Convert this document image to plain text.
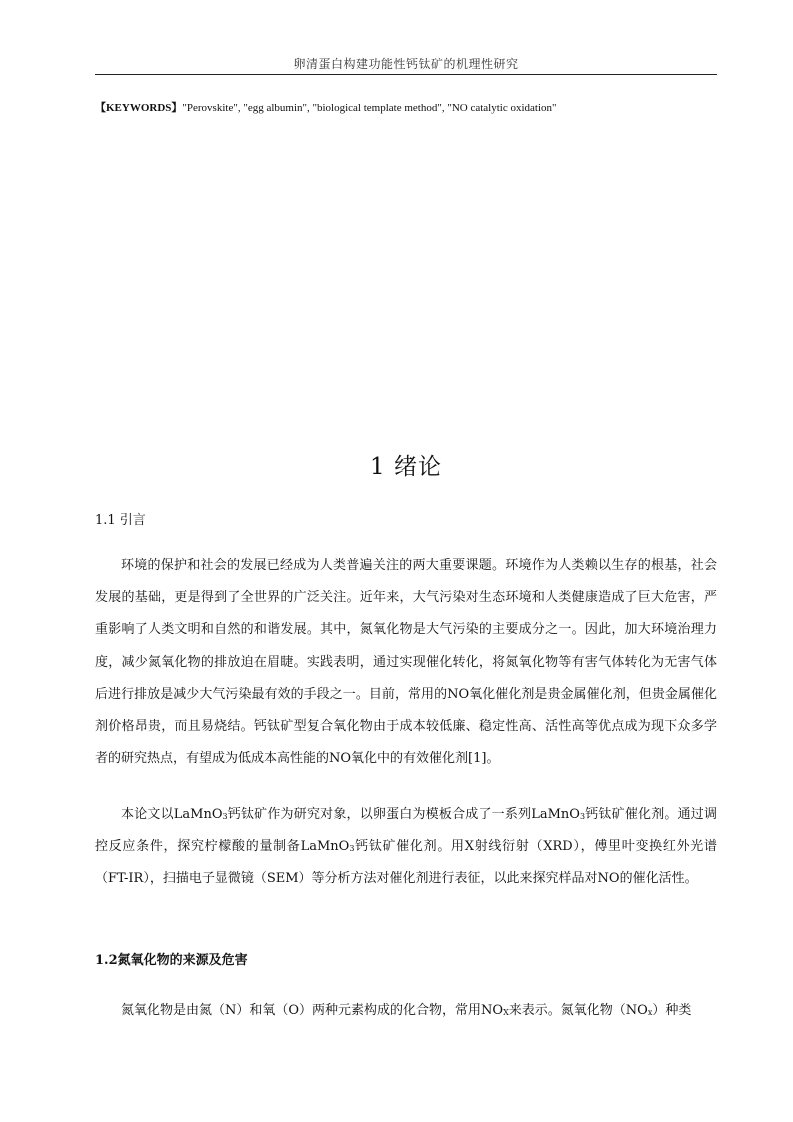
卵清蛋白构建功能性钙钛矿的机理性研究
【KEYWORDS】"Perovskite", "egg albumin", "biological template method", "NO catalytic oxidation"
1 绪论
1.1 引言
环境的保护和社会的发展已经成为人类普遍关注的两大重要课题。环境作为人类赖以生存的根基，社会发展的基础，更是得到了全世界的广泛关注。近年来，大气污染对生态环境和人类健康造成了巨大危害，严重影响了人类文明和自然的和谐发展。其中，氮氧化物是大气污染的主要成分之一。因此，加大环境治理力度，减少氮氧化物的排放迫在眉睫。实践表明，通过实现催化转化，将氮氧化物等有害气体转化为无害气体后进行排放是减少大气污染最有效的手段之一。目前，常用的NO氧化催化剂是贵金属催化剂，但贵金属催化剂价格昂贵，而且易烧结。钙钛矿型复合氧化物由于成本较低廉、稳定性高、活性高等优点成为现下众多学者的研究热点，有望成为低成本高性能的NO氧化中的有效催化剂[1]。
本论文以LaMnO$_3$钙钛矿作为研究对象，以卵蛋白为模板合成了一系列LaMnO$_3$钙钛矿催化剂。通过调控反应条件，探究柠檬酸的量制备LaMnO$_3$钙钛矿催化剂。用X射线衍射（XRD），傅里叶变换红外光谱（FT-IR），扫描电子显微镜（SEM）等分析方法对催化剂进行表征，以此来探究样品对NO的催化活性。
1.2氮氧化物的来源及危害
氮氧化物是由氮（N）和氧（O）两种元素构成的化合物，常用$NO_X$来表示。氮氧化物$(NO_x)$种类
